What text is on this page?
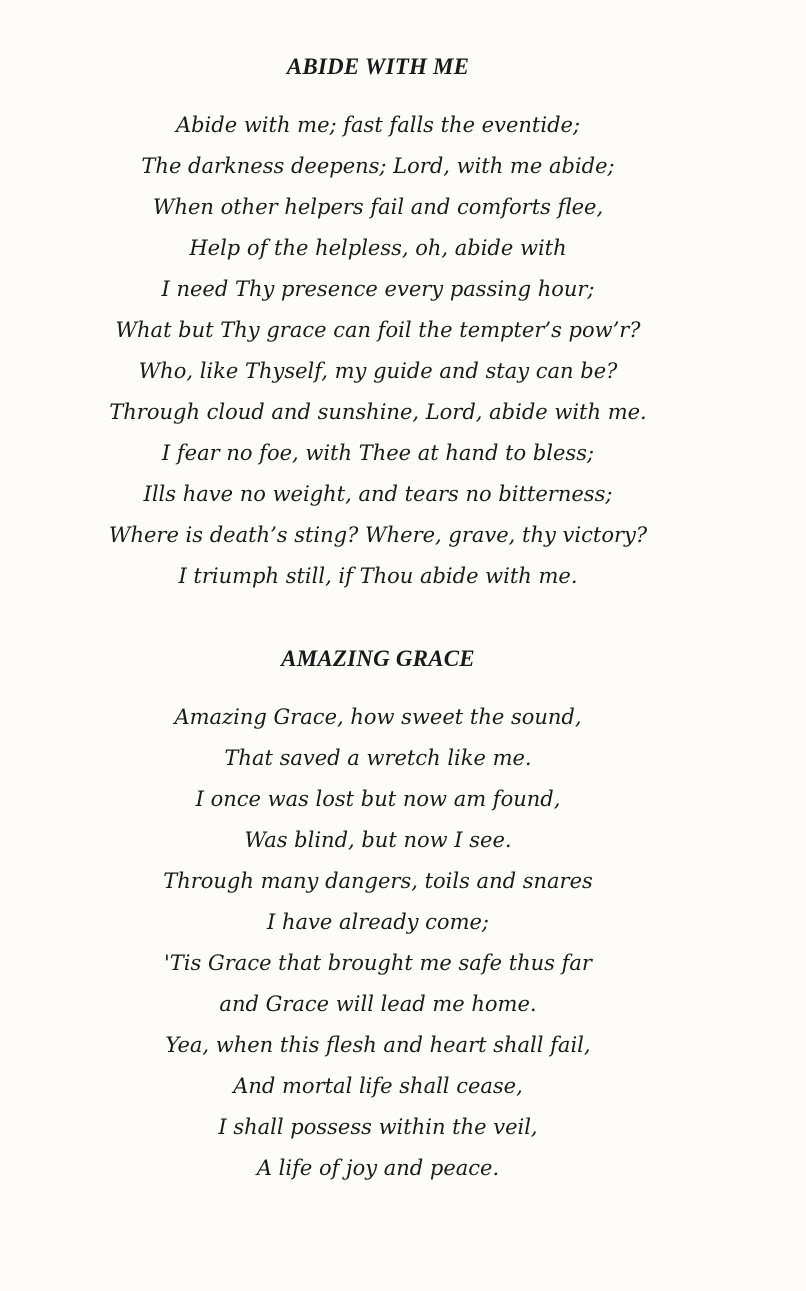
ABIDE WITH ME
Abide with me; fast falls the eventide;
The darkness deepens; Lord, with me abide;
When other helpers fail and comforts flee,
Help of the helpless, oh, abide with
I need Thy presence every passing hour;
What but Thy grace can foil the tempter’s pow’r?
Who, like Thyself, my guide and stay can be?
Through cloud and sunshine, Lord, abide with me.
I fear no foe, with Thee at hand to bless;
Ills have no weight, and tears no bitterness;
Where is death’s sting? Where, grave, thy victory?
I triumph still, if Thou abide with me.
AMAZING GRACE
Amazing Grace, how sweet the sound,
That saved a wretch like me.
I once was lost but now am found,
Was blind, but now I see.
Through many dangers, toils and snares
I have already come;
'Tis Grace that brought me safe thus far
and Grace will lead me home.
Yea, when this flesh and heart shall fail,
And mortal life shall cease,
I shall possess within the veil,
A life of joy and peace.
